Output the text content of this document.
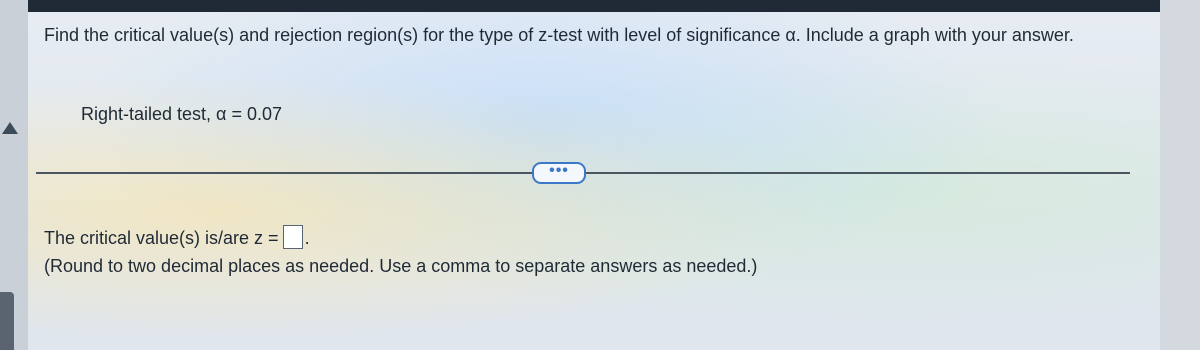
Find the critical value(s) and rejection region(s) for the type of z-test with level of significance α. Include a graph with your answer.
Right-tailed test, α = 0.07
•••
The critical value(s) is/are z = .
(Round to two decimal places as needed. Use a comma to separate answers as needed.)
